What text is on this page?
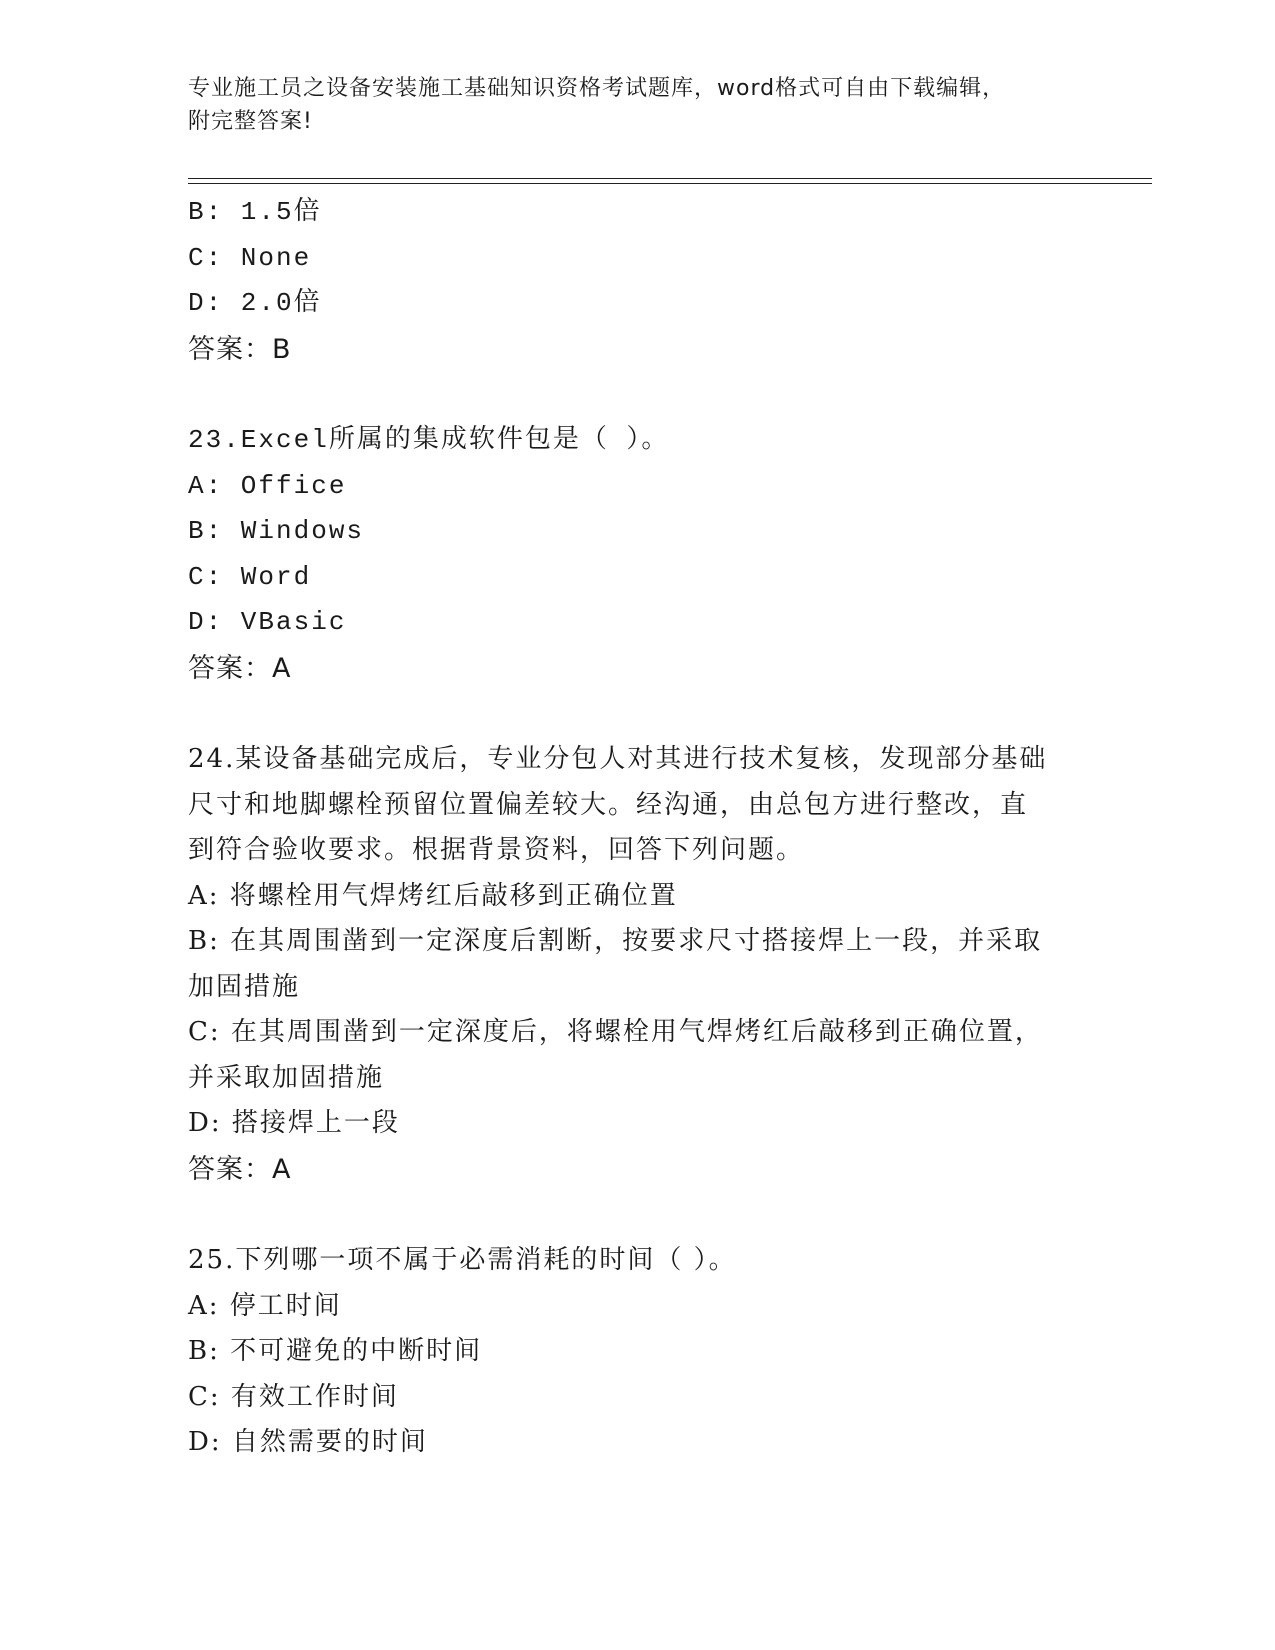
专业施工员之设备安装施工基础知识资格考试题库，word格式可自由下载编辑，
附完整答案!
B: 1.5倍
C: None
D: 2.0倍
答案：B
23.Excel所属的集成软件包是（ ）。
A: Office
B: Windows
C: Word
D: VBasic
答案：A
24.某设备基础完成后，专业分包人对其进行技术复核，发现部分基础
尺寸和地脚螺栓预留位置偏差较大。经沟通，由总包方进行整改，直
到符合验收要求。根据背景资料，回答下列问题。
A: 将螺栓用气焊烤红后敲移到正确位置
B: 在其周围凿到一定深度后割断，按要求尺寸搭接焊上一段，并采取
加固措施
C: 在其周围凿到一定深度后，将螺栓用气焊烤红后敲移到正确位置，
并采取加固措施
D: 搭接焊上一段
答案：A
25.下列哪一项不属于必需消耗的时间（ ）。
A: 停工时间
B: 不可避免的中断时间
C: 有效工作时间
D: 自然需要的时间
